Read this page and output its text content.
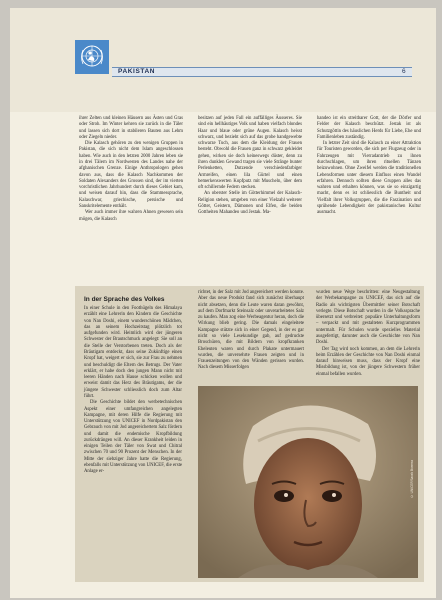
PAKISTAN	6

ihrer Zelten und kleinen Häusern aus Ästen und Gras oder Stroh. Im Winter kehren sie zurück in die Täler und lassen sich dort in stabileren Bauten aus Lehm oder Ziegeln nieder.

Die Kalasch gehören zu den wenigen Gruppen in Pakistan, die sich nicht dem Islam angeschlossen haben. Wie auch in den letzten 2000 Jahren leben sie in drei Tälern im Nordwesten des Landes nahe der afghanischen Grenze. Einige Anthropologen gehen davon aus, dass die Kalasch Nachkommen der Soldaten Alexanders des Grossen sind, der im vierten vorchristlichen Jahrhundert durch dieses Gebiet kam, und weisen darauf hin, dass die Stammessprache, Kalaschwar, griechische, persische und Sanskritelemente enthält.

Wer auch immer ihre wahren Ahnen gewesen sein mögen, die Kalasch

besitzen auf jeden Fall ein auffälliges Äusseres. Sie sind ein hellhäutiges Volk und haben vielfach blondes Haar und blaue oder grüne Augen. Kalasch heisst schwarz, und bezieht sich auf das grobe handgewebte schwarze Tuch, aus dem die Kleidung der Frauen besteht. Obwohl die Frauen ganz in schwarz gekleidet gehen, wirken sie doch keineswegs düster, denn zu ihren dunklen Gewand tragen sie viele Stränge bunter Perlenketten, Dutzende verschiedenfarbiger Armreifen, einen lila Gürtel und einen bemerkenswerten Kopfputz mit Muscheln, über dem oft schillernde Federn stecken.

An oberster Stelle im Götterhimmel der Kalasch-Religion stehen, umgeben von einer Vielzahl weiterer Götter, Geistern, Dämonen und Elfen, die beiden Gottheiten Mahandeo und Jestak. Ma-

handeo ist ein streitbarer Gott, der die Dörfer und Felder der Kalasch beschützt. Jestak ist als Schutzgöttin des häuslichen Herds für Liebe, Ehe und Familienleben zuständig.

In letzter Zeit sind die Kalasch zu einer Attraktion für Touristen geworden, die sich per Flugzeug oder in Fahrzeugen mit Vierradantrieb zu ihnen durchschlagen, um ihren rituellen Tänzen beizuwohnen. Ohne Zweifel werden die traditionellen Lebensformen unter diesem Einfluss einen Wandel erfahren. Dennoch sollten diese Gruppen alles das wahren und erhalten können, was sie so einzigartig macht, denn es ist schliesslich die Buntheit und Vielfalt ihrer Volksgruppen, die die Faszination und sprühende Lebendigkeit der pakistanischen Kultur ausmacht.

In der Sprache des Volkes

In einer Schule in den Foothügeln des Himalaya erzählt eine Lehrerin den Kindern die Geschichte von Nan Doshi, einem wunderschönen Mädchen, das an seinem Hochzeitstag plötzlich tot aufgefunden wird. Heimlich wird der jüngeren Schwester der Brautschmuck angelegt: Sie soll an die Stelle der Verstorbenen treten. Doch als der Bräutigam entdeckt, dass seine Zukünftige einen Kropf hat, weigert er sich, sie zur Frau zu nehmen und beschuldigt die Eltern des Betrugs. Der Vater erklärt, er habe doch den jungen Mann nicht mit leeren Händen nach Hause schicken wollen und erweist damit das Herz des Bräutigams, der die jüngere Schwester schliesslich doch zum Altar führt.

Die Geschichte bildet den werbetechnischen Aspekt einer umfangreichen angelegten Kampagne, mit deren Hilfe die Regierung mit Unterstützung von UNICEF in Nordpakistan den Gebrauch von mit Jod angereichertem Salz fördern und damit die endemische Kropfbildung zurückdrängen will. An dieser Krankheit leiden in einigen Teilen der Täler von Swat und Chitral zwischen 70 und 90 Prozent der Menschen. In der Mitte der siebziger Jahre hatte die Regierung, ebenfalls mit Unterstützung von UNICEF, die erste Anlage er-

richtet, in der Salz mit Jod angereichert werden konnte. Aber das neue Produkt fand sich zunächst überhaupt nicht absetzen, denn die Leute waren daran gewöhnt, auf dem Dorfmarkt Steinsalz oder unverarbeitetes Salz zu kaufen. Man zog eine Werbeagentur heran, doch die Wirkung blieb gering. Die damals eingeleitete Kampagne stützte sich in einer Gegend, in der es gar nicht so viele Lesekundige gab, auf gedruckte Broschüren, die mit Bildern von kropfkranken Eheleuten waren und durch Plakate untermauert wurden, die unversehrte Frauen zeigten und in Frauenzeitungen von den Wänden gerissen wurden. Nach diesem Misserfolgen

wurden neue Wege beschritten: eine Neugestaltung der Werbekampagne zu UNICEF, das sich auf die Radio als wichtigsten Übermittler seiner Botschaft verlegte. Diese Botschaft wurden in die Volkssprache übersetzt und verbreitet: populäre Unterhaltungsform – verpackt und mit gestalteten Kurzprogrammen untermalt. Für Schulen wurde spezielles Material ausgefertigt, darunter auch die Geschichte von Nan Doshi.

Der Tag wird noch kommen, an dem die Lehrerin beim Erzählen der Geschichte von Nan Doshi einmal darauf hinweisen muss, dass der Kropf eine Missbildung ist, von der jüngere Schwestern früher einmal befallen wurden.

© UNICEF/Sarah Boerma
